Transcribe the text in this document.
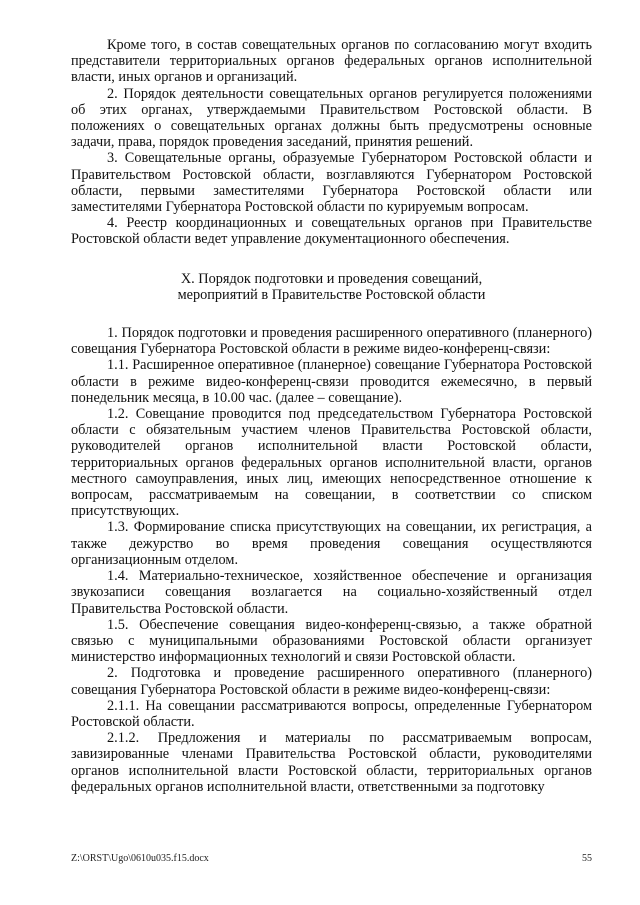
Кроме того, в состав совещательных органов по согласованию могут входить представители территориальных органов федеральных органов исполнительной власти, иных органов и организаций.

2. Порядок деятельности совещательных органов регулируется положениями об этих органах, утверждаемыми Правительством Ростовской области. В положениях о совещательных органах должны быть предусмотрены основные задачи, права, порядок проведения заседаний, принятия решений.

3. Совещательные органы, образуемые Губернатором Ростовской области и Правительством Ростовской области, возглавляются Губернатором Ростовской области, первыми заместителями Губернатора Ростовской области или заместителями Губернатора Ростовской области по курируемым вопросам.

4. Реестр координационных и совещательных органов при Правительстве Ростовской области ведет управление документационного обеспечения.

X. Порядок подготовки и проведения совещаний,
мероприятий в Правительстве Ростовской области

1. Порядок подготовки и проведения расширенного оперативного (планерного) совещания Губернатора Ростовской области в режиме видео-конференц-связи:

1.1. Расширенное оперативное (планерное) совещание Губернатора Ростовской области в режиме видео-конференц-связи проводится ежемесячно, в первый понедельник месяца, в 10.00 час. (далее – совещание).

1.2. Совещание проводится под председательством Губернатора Ростовской области с обязательным участием членов Правительства Ростовской области, руководителей органов исполнительной власти Ростовской области, территориальных органов федеральных органов исполнительной власти, органов местного самоуправления, иных лиц, имеющих непосредственное отношение к вопросам, рассматриваемым на совещании, в соответствии со списком присутствующих.

1.3. Формирование списка присутствующих на совещании, их регистрация, а также дежурство во время проведения совещания осуществляются организационным отделом.

1.4. Материально-техническое, хозяйственное обеспечение и организация звукозаписи совещания возлагается на социально-хозяйственный отдел Правительства Ростовской области.

1.5. Обеспечение совещания видео-конференц-связью, а также обратной связью с муниципальными образованиями Ростовской области организует министерство информационных технологий и связи Ростовской области.

2. Подготовка и проведение расширенного оперативного (планерного) совещания Губернатора Ростовской области в режиме видео-конференц-связи:

2.1.1. На совещании рассматриваются вопросы, определенные Губернатором Ростовской области.

2.1.2. Предложения и материалы по рассматриваемым вопросам, завизированные членами Правительства Ростовской области, руководителями органов исполнительной власти Ростовской области, территориальных органов федеральных органов исполнительной власти, ответственными за подготовку

Z:\ORST\Ugo\0610u035.f15.docx	55
